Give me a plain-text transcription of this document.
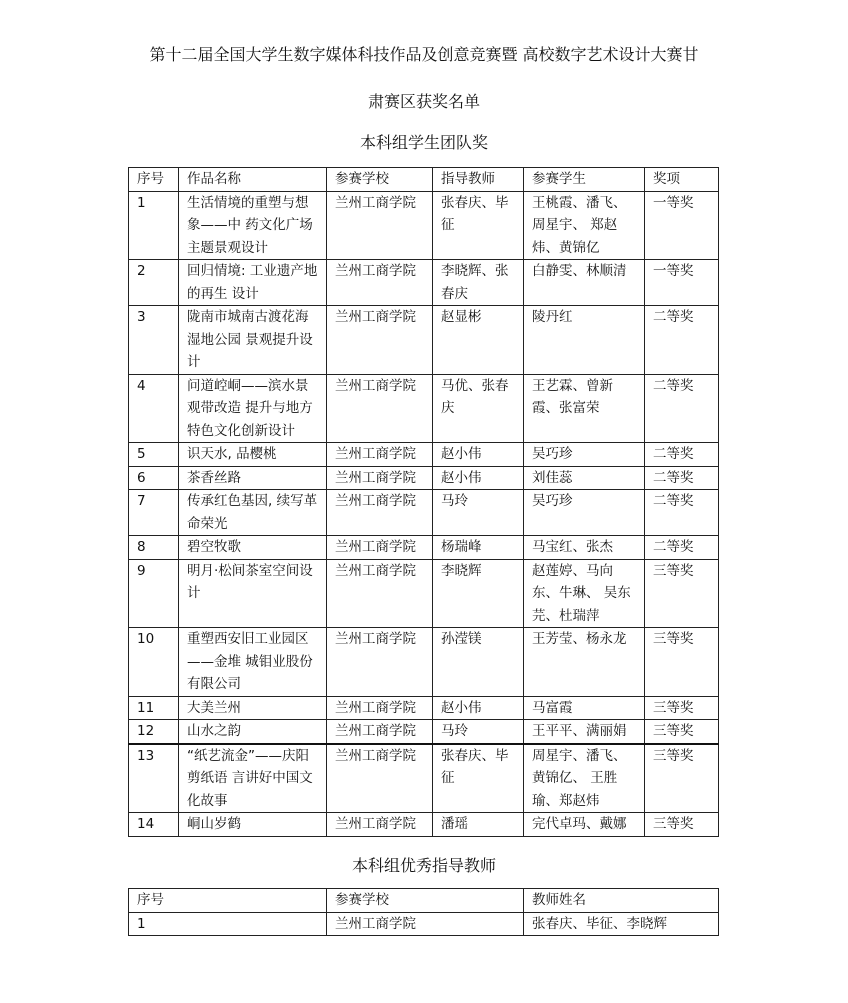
第十二届全国大学生数字媒体科技作品及创意竞赛暨 高校数字艺术设计大赛甘
肃赛区获奖名单
本科组学生团队奖
序号	作品名称	参赛学校	指导教师	参赛学生	奖项
1	生活情境的重塑与想象——中 药文化广场主题景观设计	兰州工商学院	张春庆、毕征	王桃霞、潘飞、周星宇、 郑赵炜、黄锦亿	一等奖
2	回归情境: 工业遗产地的再生 设计	兰州工商学院	李晓辉、张春庆	白静雯、林顺清	一等奖
3	陇南市城南古渡花海湿地公园 景观提升设计	兰州工商学院	赵显彬	陵丹红	二等奖
4	问道崆峒——滨水景观带改造 提升与地方特色文化创新设计	兰州工商学院	马优、张春庆	王艺霖、曾新霞、张富荣	二等奖
5	识天水, 品樱桃	兰州工商学院	赵小伟	吴巧珍	二等奖
6	茶香丝路	兰州工商学院	赵小伟	刘佳蕊	二等奖
7	传承红色基因, 续写革命荣光	兰州工商学院	马玲	吴巧珍	二等奖
8	碧空牧歌	兰州工商学院	杨瑞峰	马宝红、张杰	二等奖
9	明月·松间茶室空间设计	兰州工商学院	李晓辉	赵莲婷、马向东、牛琳、 吴东芫、杜瑞萍	三等奖
10	重塑西安旧工业园区——金堆 城钼业股份有限公司	兰州工商学院	孙滢镁	王芳莹、杨永龙	三等奖
11	大美兰州	兰州工商学院	赵小伟	马富霞	三等奖
12	山水之韵	兰州工商学院	马玲	王平平、满丽娟	三等奖
13	“纸艺流金”——庆阳剪纸语 言讲好中国文化故事	兰州工商学院	张春庆、毕征	周星宇、潘飞、 黄锦亿、 王胜 瑜、郑赵炜	三等奖
14	峒山岁鹤	兰州工商学院	潘瑶	完代卓玛、戴娜	三等奖
本科组优秀指导教师
序号	参赛学校	教师姓名
1	兰州工商学院	张春庆、毕征、李晓辉
